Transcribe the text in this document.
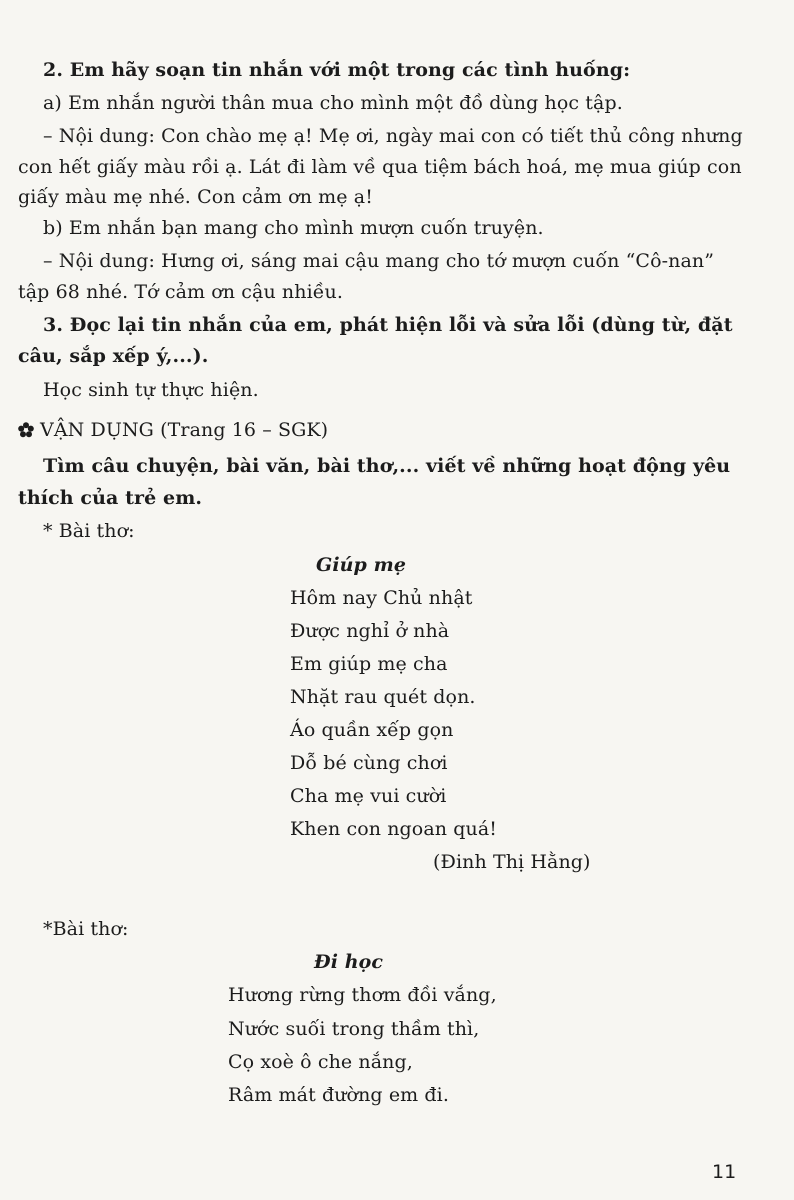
2. Em hãy soạn tin nhắn với một trong các tình huống:
a) Em nhắn người thân mua cho mình một đồ dùng học tập.
– Nội dung: Con chào mẹ ạ! Mẹ ơi, ngày mai con có tiết thủ công nhưng
con hết giấy màu rồi ạ. Lát đi làm về qua tiệm bách hoá, mẹ mua giúp con
giấy màu mẹ nhé. Con cảm ơn mẹ ạ!
b) Em nhắn bạn mang cho mình mượn cuốn truyện.
– Nội dung: Hưng ơi, sáng mai cậu mang cho tớ mượn cuốn “Cô-nan”
tập 68 nhé. Tớ cảm ơn cậu nhiều.
3. Đọc lại tin nhắn của em, phát hiện lỗi và sửa lỗi (dùng từ, đặt
câu, sắp xếp ý,...).
Học sinh tự thực hiện.
VẬN DỤNG (Trang 16 – SGK)
Tìm câu chuyện, bài văn, bài thơ,... viết về những hoạt động yêu
thích của trẻ em.
* Bài thơ:
Giúp mẹ
Hôm nay Chủ nhật
Được nghỉ ở nhà
Em giúp mẹ cha
Nhặt rau quét dọn.
Áo quần xếp gọn
Dỗ bé cùng chơi
Cha mẹ vui cười
Khen con ngoan quá!
(Đinh Thị Hằng)
*Bài thơ:
Đi học
Hương rừng thơm đồi vắng,
Nước suối trong thầm thì,
Cọ xoè ô che nắng,
Râm mát đường em đi.
11
